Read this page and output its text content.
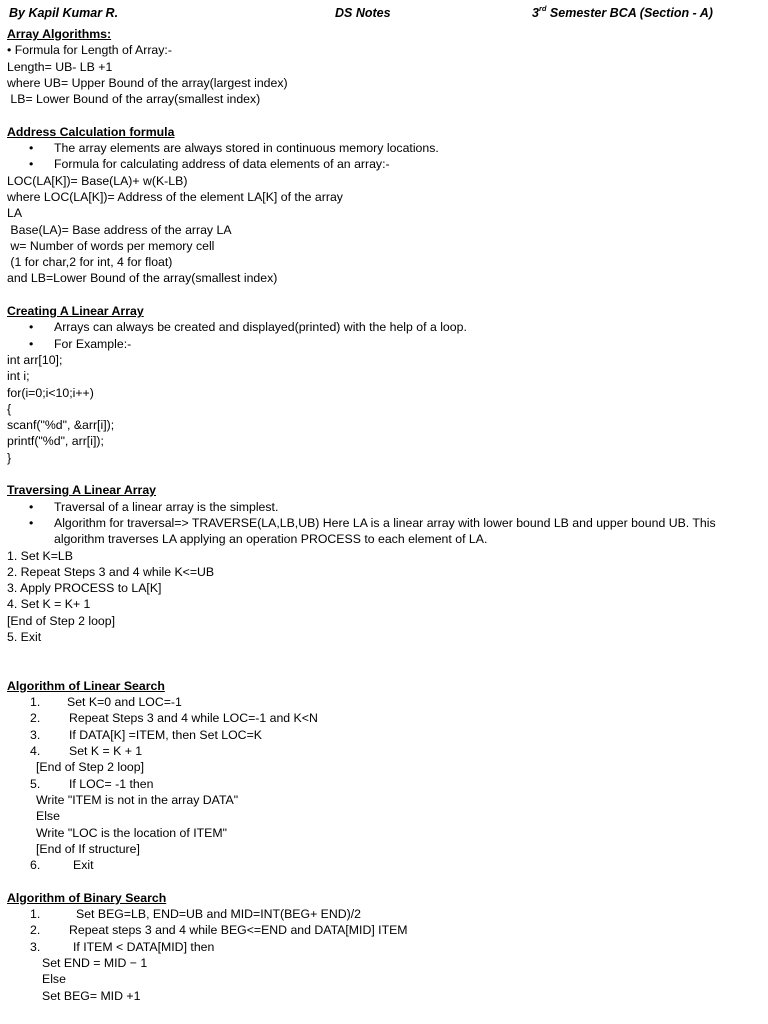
By Kapil Kumar R.	DS Notes	3rd Semester BCA (Section - A)
Array Algorithms:
• Formula for Length of Array:-
Length= UB- LB +1
where UB= Upper Bound of the array(largest index)
LB= Lower Bound of the array(smallest index)
Address Calculation formula
• The array elements are always stored in continuous memory locations.
• Formula for calculating address of data elements of an array:-
LOC(LA[K])= Base(LA)+ w(K-LB)
where LOC(LA[K])= Address of the element LA[K] of the array
LA
Base(LA)= Base address of the array LA
w= Number of words per memory cell
(1 for char,2 for int, 4 for float)
and LB=Lower Bound of the array(smallest index)
Creating A Linear Array
• Arrays can always be created and displayed(printed) with the help of a loop.
• For Example:-
int arr[10];
int i;
for(i=0;i<10;i++)
{
scanf("%d", &arr[i]);
printf("%d", arr[i]);
}
Traversing A Linear Array
• Traversal of a linear array is the simplest.
• Algorithm for traversal=> TRAVERSE(LA,LB,UB) Here LA is a linear array with lower bound LB and upper bound UB. This algorithm traverses LA applying an operation PROCESS to each element of LA.
1. Set K=LB
2. Repeat Steps 3 and 4 while K<=UB
3. Apply PROCESS to LA[K]
4. Set K = K+ 1
[End of Step 2 loop]
5. Exit
Algorithm of Linear Search
1. Set K=0 and LOC=-1
2. Repeat Steps 3 and 4 while LOC=-1 and K<N
3. If DATA[K] =ITEM, then Set LOC=K
4. Set K = K + 1
[End of Step 2 loop]
5. If LOC= -1 then
Write "ITEM is not in the array DATA"
Else
Write "LOC is the location of ITEM"
[End of If structure]
6.	Exit
Algorithm of Binary Search
1.	Set BEG=LB, END=UB and MID=INT(BEG+ END)/2
2. Repeat steps 3 and 4 while BEG<=END and DATA[MID] ITEM
3.	If ITEM < DATA[MID] then
Set END = MID − 1
Else
Set BEG= MID +1
